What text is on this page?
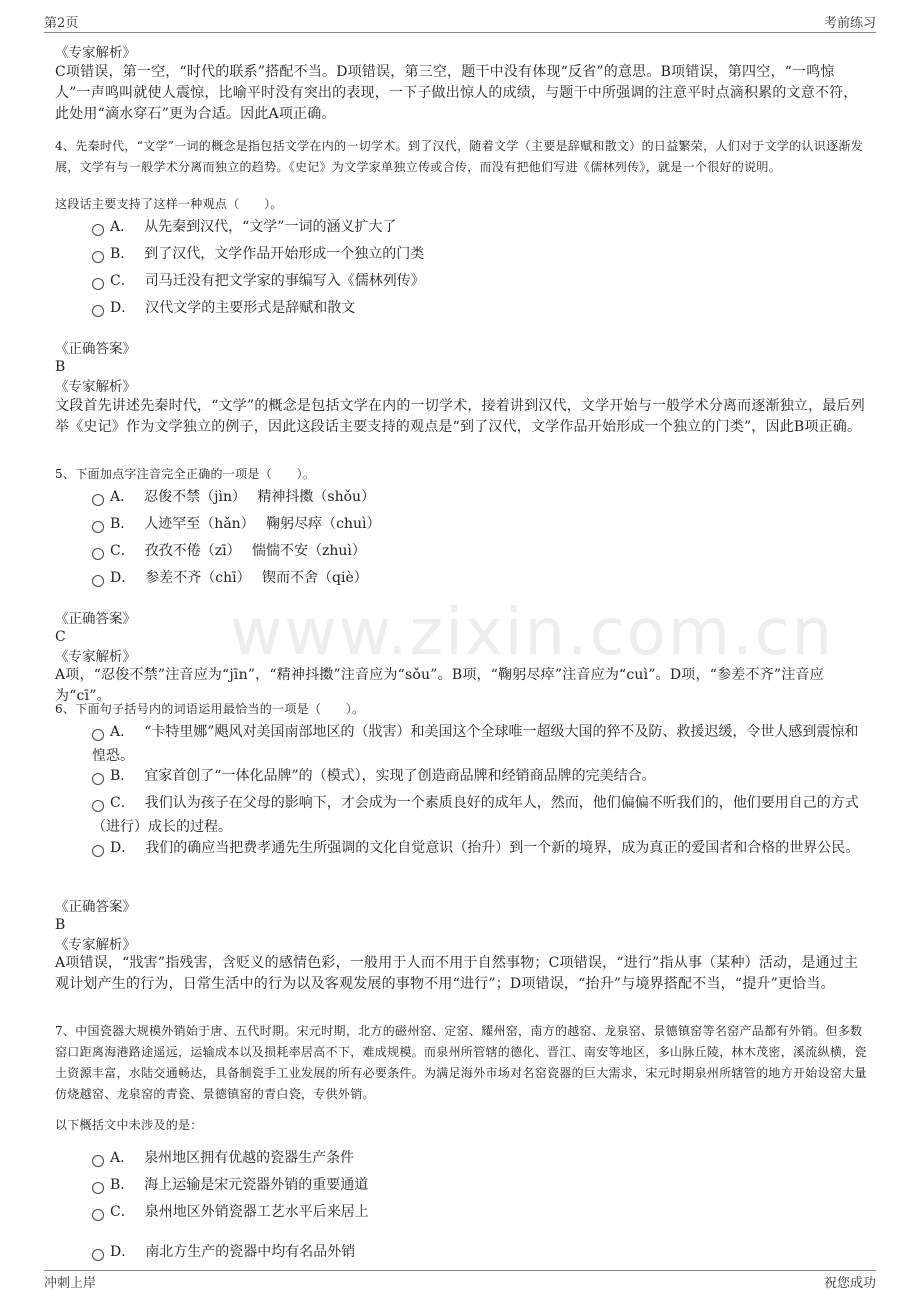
第2页	考前练习
www.zixin.com.cn
《专家解析》
C项错误，第一空，“时代的联系”搭配不当。D项错误，第三空，题干中没有体现“反省”的意思。B项错误，第四空，“一鸣惊人”一声鸣叫就使人震惊，比喻平时没有突出的表现，一下子做出惊人的成绩，与题干中所强调的注意平时点滴积累的文意不符，此处用“滴水穿石”更为合适。因此A项正确。
4、先秦时代，“文学”一词的概念是指包括文学在内的一切学术。到了汉代，随着文学（主要是辞赋和散文）的日益繁荣，人们对于文学的认识逐渐发展，文学有与一般学术分离而独立的趋势。《史记》为文学家单独立传或合传，而没有把他们写进《儒林列传》，就是一个很好的说明。
这段话主要支持了这样一种观点（　　）。
A． 从先秦到汉代，“文学”一词的涵义扩大了
B． 到了汉代，文学作品开始形成一个独立的门类
C． 司马迁没有把文学家的事编写入《儒林列传》
D． 汉代文学的主要形式是辞赋和散文
《正确答案》
B
《专家解析》
文段首先讲述先秦时代，“文学”的概念是包括文学在内的一切学术，接着讲到汉代，文学开始与一般学术分离而逐渐独立，最后列举《史记》作为文学独立的例子，因此这段话主要支持的观点是“到了汉代，文学作品开始形成一个独立的门类”，因此B项正确。
5、下面加点字注音完全正确的一项是（　　）。
A． 忍俊不禁（jìn）　 精神抖擞（shǒu）
B． 人迹罕至（hǎn）　 鞠躬尽瘁（chuì）
C． 孜孜不倦（zī）　 惴惴不安（zhuì）
D． 参差不齐（chī）　 锲而不舍（qiè）
《正确答案》
C
《专家解析》
A项，“忍俊不禁”注音应为“jīn”，“精神抖擞”注音应为“sǒu”。B项，“鞠躬尽瘁”注音应为“cuì”。D项，“参差不齐”注音应为“cī”。
6、下面句子括号内的词语运用最恰当的一项是（　　）。
A． “卡特里娜”飓风对美国南部地区的（戕害）和美国这个全球唯一超级大国的猝不及防、救援迟缓，令世人感到震惊和惶恐。
B． 宜家首创了“一体化品牌”的（模式），实现了创造商品牌和经销商品牌的完美结合。
C． 我们认为孩子在父母的影响下，才会成为一个素质良好的成年人，然而，他们偏偏不听我们的，他们要用自己的方式（进行）成长的过程。
D． 我们的确应当把费孝通先生所强调的文化自觉意识（抬升）到一个新的境界，成为真正的爱国者和合格的世界公民。
《正确答案》
B
《专家解析》
A项错误，“戕害”指残害，含贬义的感情色彩，一般用于人而不用于自然事物；C项错误，“进行”指从事（某种）活动，是通过主观计划产生的行为，日常生活中的行为以及客观发展的事物不用“进行”；D项错误，“抬升”与境界搭配不当，“提升”更恰当。
7、中国瓷器大规模外销始于唐、五代时期。宋元时期，北方的磁州窑、定窑、耀州窑，南方的越窑、龙泉窑、景德镇窑等名窑产品都有外销。但多数窑口距离海港路途遥远，运输成本以及损耗率居高不下，难成规模。而泉州所管辖的德化、晋江、南安等地区，多山脉丘陵，林木茂密，溪流纵横，瓷土资源丰富，水陆交通畅达，具备制瓷手工业发展的所有必要条件。为满足海外市场对名窑瓷器的巨大需求，宋元时期泉州所辖管的地方开始设窑大量仿烧越窑、龙泉窑的青瓷、景德镇窑的青白瓷，专供外销。
以下概括文中未涉及的是：
A． 泉州地区拥有优越的瓷器生产条件
B． 海上运输是宋元瓷器外销的重要通道
C． 泉州地区外销瓷器工艺水平后来居上
D． 南北方生产的瓷器中均有名品外销
冲刺上岸	祝您成功
